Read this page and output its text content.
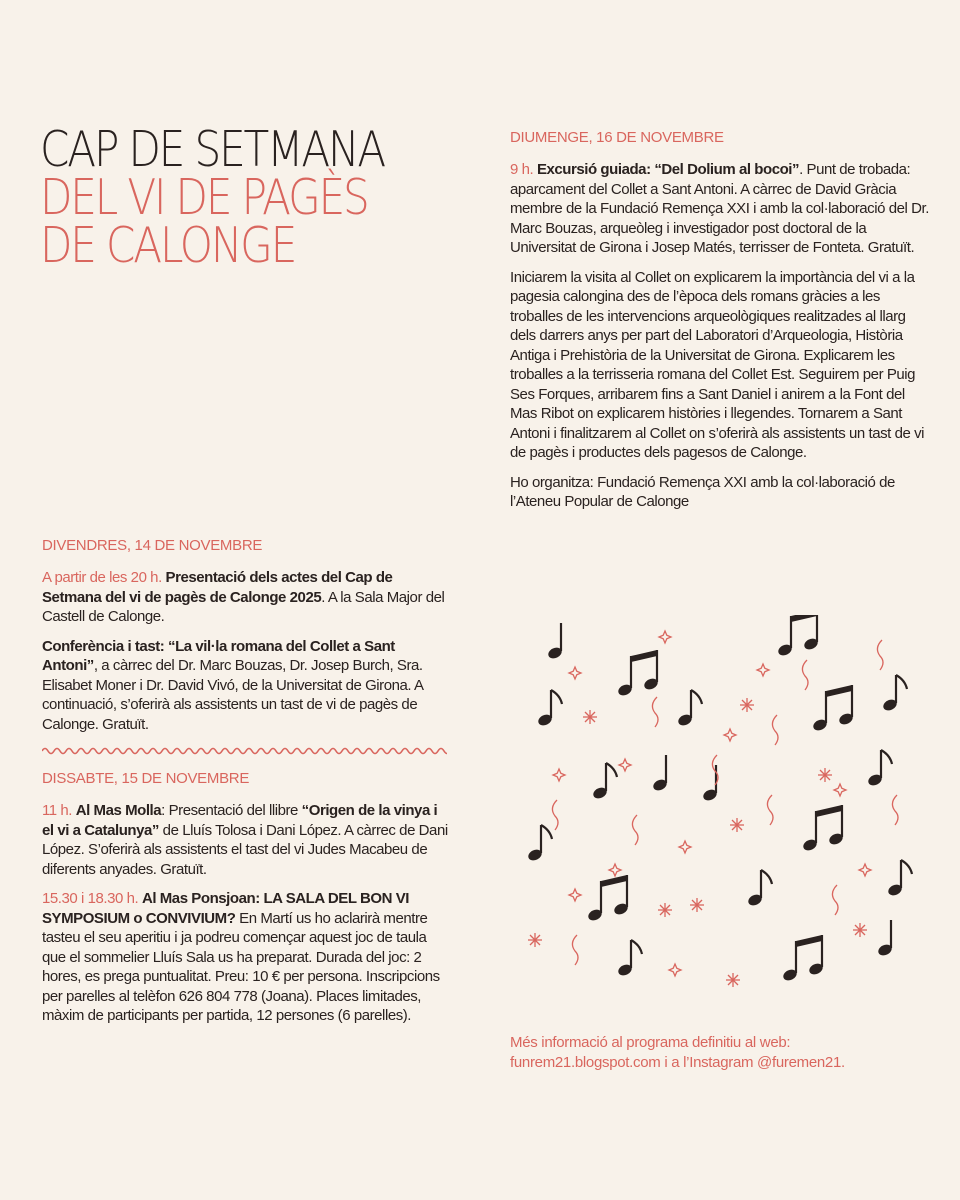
CAP DE SETMANA
DEL VI DE PAGÈS
DE CALONGE
DIVENDRES, 14 DE NOVEMBRE

A partir de les 20 h. Presentació dels actes del Cap de Setmana del vi de pagès de Calonge 2025. A la Sala Major del Castell de Calonge.

Conferència i tast: “La vil·la romana del Collet a Sant Antoni”, a càrrec del Dr. Marc Bouzas, Dr. Josep Burch, Sra. Elisabet Moner i Dr. David Vivó, de la Universitat de Girona. A continuació, s’oferirà als assistents un tast de vi de pagès de Calonge. Gratuït.

DISSABTE, 15 DE NOVEMBRE

11 h. Al Mas Molla: Presentació del llibre “Origen de la vinya i el vi a Catalunya” de Lluís Tolosa i Dani López. A càrrec de Dani López. S’oferirà als assistents el tast del vi Judes Macabeu de diferents anyades. Gratuït.

15.30 i 18.30 h. Al Mas Ponsjoan: LA SALA DEL BON VI SYMPOSIUM o CONVIVIUM? En Martí us ho aclarirà mentre tasteu el seu aperitiu i ja podreu començar aquest joc de taula que el sommelier Lluís Sala us ha preparat. Durada del joc: 2 hores, es prega puntualitat. Preu: 10 € per persona. Inscripcions per parelles al telèfon 626 804 778 (Joana). Places limitades, màxim de participants per partida, 12 persones (6 parelles).

DIUMENGE, 16 DE NOVEMBRE

9 h. Excursió guiada: “Del Dolium al bocoi”. Punt de trobada: aparcament del Collet a Sant Antoni. A càrrec de David Gràcia membre de la Fundació Remença XXI i amb la col·laboració del Dr. Marc Bouzas, arqueòleg i investigador post doctoral de la Universitat de Girona i Josep Matés, terrisser de Fonteta. Gratuït.

Iniciarem la visita al Collet on explicarem la importància del vi a la pagesia calongina des de l’època dels romans gràcies a les troballes de les intervencions arqueològiques realitzades al llarg dels darrers anys per part del Laboratori d’Arqueologia, Història Antiga i Prehistòria de la Universitat de Girona. Explicarem les troballes a la terrisseria romana del Collet Est. Seguirem per Puig Ses Forques, arribarem fins a Sant Daniel i anirem a la Font del Mas Ribot on explicarem històries i llegendes. Tornarem a Sant Antoni i finalitzarem al Collet on s’oferirà als assistents un tast de vi de pagès i productes dels pagesos de Calonge.

Ho organitza: Fundació Remença XXI amb la col·laboració de l’Ateneu Popular de Calonge

Més informació al programa definitiu al web:
funrem21.blogspot.com i a l’Instagram @furemen21.
